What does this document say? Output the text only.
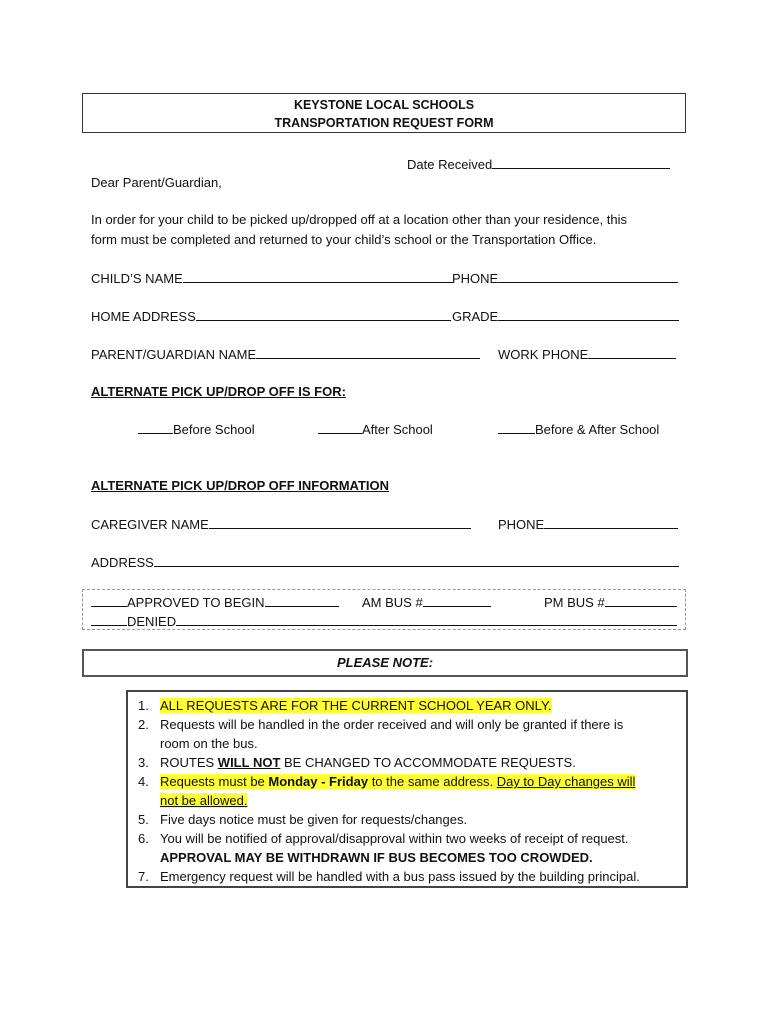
KEYSTONE LOCAL SCHOOLS
TRANSPORTATION REQUEST FORM
Date Received
Dear Parent/Guardian,
In order for your child to be picked up/dropped off at a location other than your residence, this
form must be completed and returned to your child’s school or the Transportation Office.
CHILD’S NAME	PHONE
HOME ADDRESS	GRADE
PARENT/GUARDIAN NAME	WORK PHONE
ALTERNATE PICK UP/DROP OFF IS FOR:
Before School	After School	Before & After School
ALTERNATE PICK UP/DROP OFF INFORMATION
CAREGIVER NAME	PHONE
ADDRESS
APPROVED TO BEGIN	AM BUS #	PM BUS #
DENIED
PLEASE NOTE:
1. ALL REQUESTS ARE FOR THE CURRENT SCHOOL YEAR ONLY.
2. Requests will be handled in the order received and will only be granted if there is
room on the bus.
3. ROUTES WILL NOT BE CHANGED TO ACCOMMODATE REQUESTS.
4. Requests must be Monday - Friday to the same address. Day to Day changes will
not be allowed.
5. Five days notice must be given for requests/changes.
6. You will be notified of approval/disapproval within two weeks of receipt of request.
APPROVAL MAY BE WITHDRAWN IF BUS BECOMES TOO CROWDED.
7. Emergency request will be handled with a bus pass issued by the building principal.
